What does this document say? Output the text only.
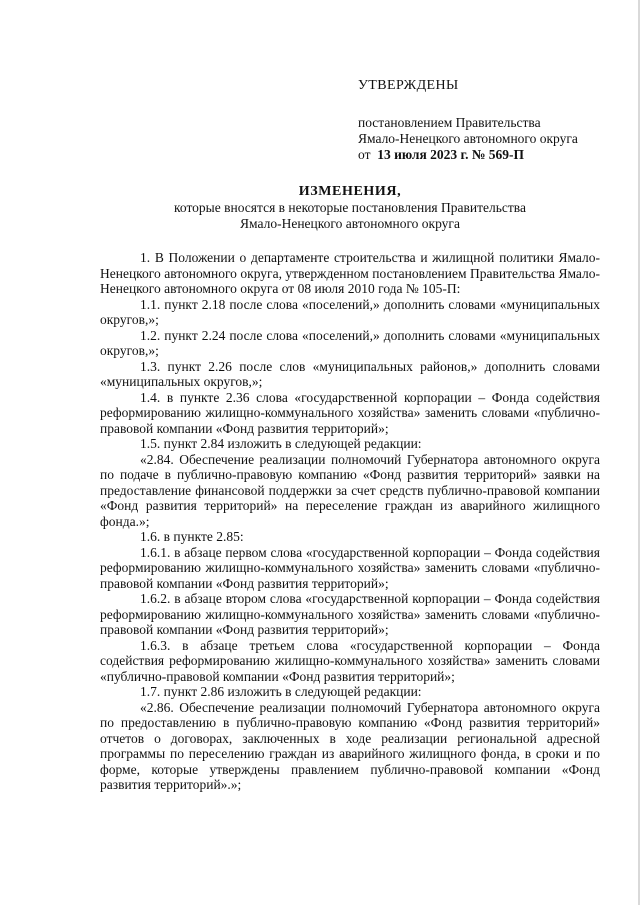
УТВЕРЖДЕНЫ

постановлением Правительства

Ямало-Ненецкого автономного округа

от 13 июля 2023 г. № 569-П

ИЗМЕНЕНИЯ,
которые вносятся в некоторые постановления Правительства
Ямало-Ненецкого автономного округа

1. В Положении о департаменте строительства и жилищной политики Ямало-Ненецкого автономного округа, утвержденном постановлением Правительства Ямало-Ненецкого автономного округа от 08 июля 2010 года № 105-П:

1.1. пункт 2.18 после слова «поселений,» дополнить словами «муниципальных округов,»;

1.2. пункт 2.24 после слова «поселений,» дополнить словами «муниципальных округов,»;

1.3. пункт 2.26 после слов «муниципальных районов,» дополнить словами «муниципальных округов,»;

1.4. в пункте 2.36 слова «государственной корпорации – Фонда содействия реформированию жилищно-коммунального хозяйства» заменить словами «публично-правовой компании «Фонд развития территорий»;

1.5. пункт 2.84 изложить в следующей редакции:

«2.84. Обеспечение реализации полномочий Губернатора автономного округа по подаче в публично-правовую компанию «Фонд развития территорий» заявки на предоставление финансовой поддержки за счет средств публично-правовой компании «Фонд развития территорий» на переселение граждан из аварийного жилищного фонда.»;

1.6. в пункте 2.85:

1.6.1. в абзаце первом слова «государственной корпорации – Фонда содействия реформированию жилищно-коммунального хозяйства» заменить словами «публично-правовой компании «Фонд развития территорий»;

1.6.2. в абзаце втором слова «государственной корпорации – Фонда содействия реформированию жилищно-коммунального хозяйства» заменить словами «публично-правовой компании «Фонд развития территорий»;

1.6.3. в абзаце третьем слова «государственной корпорации – Фонда содействия реформированию жилищно-коммунального хозяйства» заменить словами «публично-правовой компании «Фонд развития территорий»;

1.7. пункт 2.86 изложить в следующей редакции:

«2.86. Обеспечение реализации полномочий Губернатора автономного округа по предоставлению в публично-правовую компанию «Фонд развития территорий» отчетов о договорах, заключенных в ходе реализации региональной адресной программы по переселению граждан из аварийного жилищного фонда, в сроки и по форме, которые утверждены правлением публично-правовой компании «Фонд развития территорий».»;
